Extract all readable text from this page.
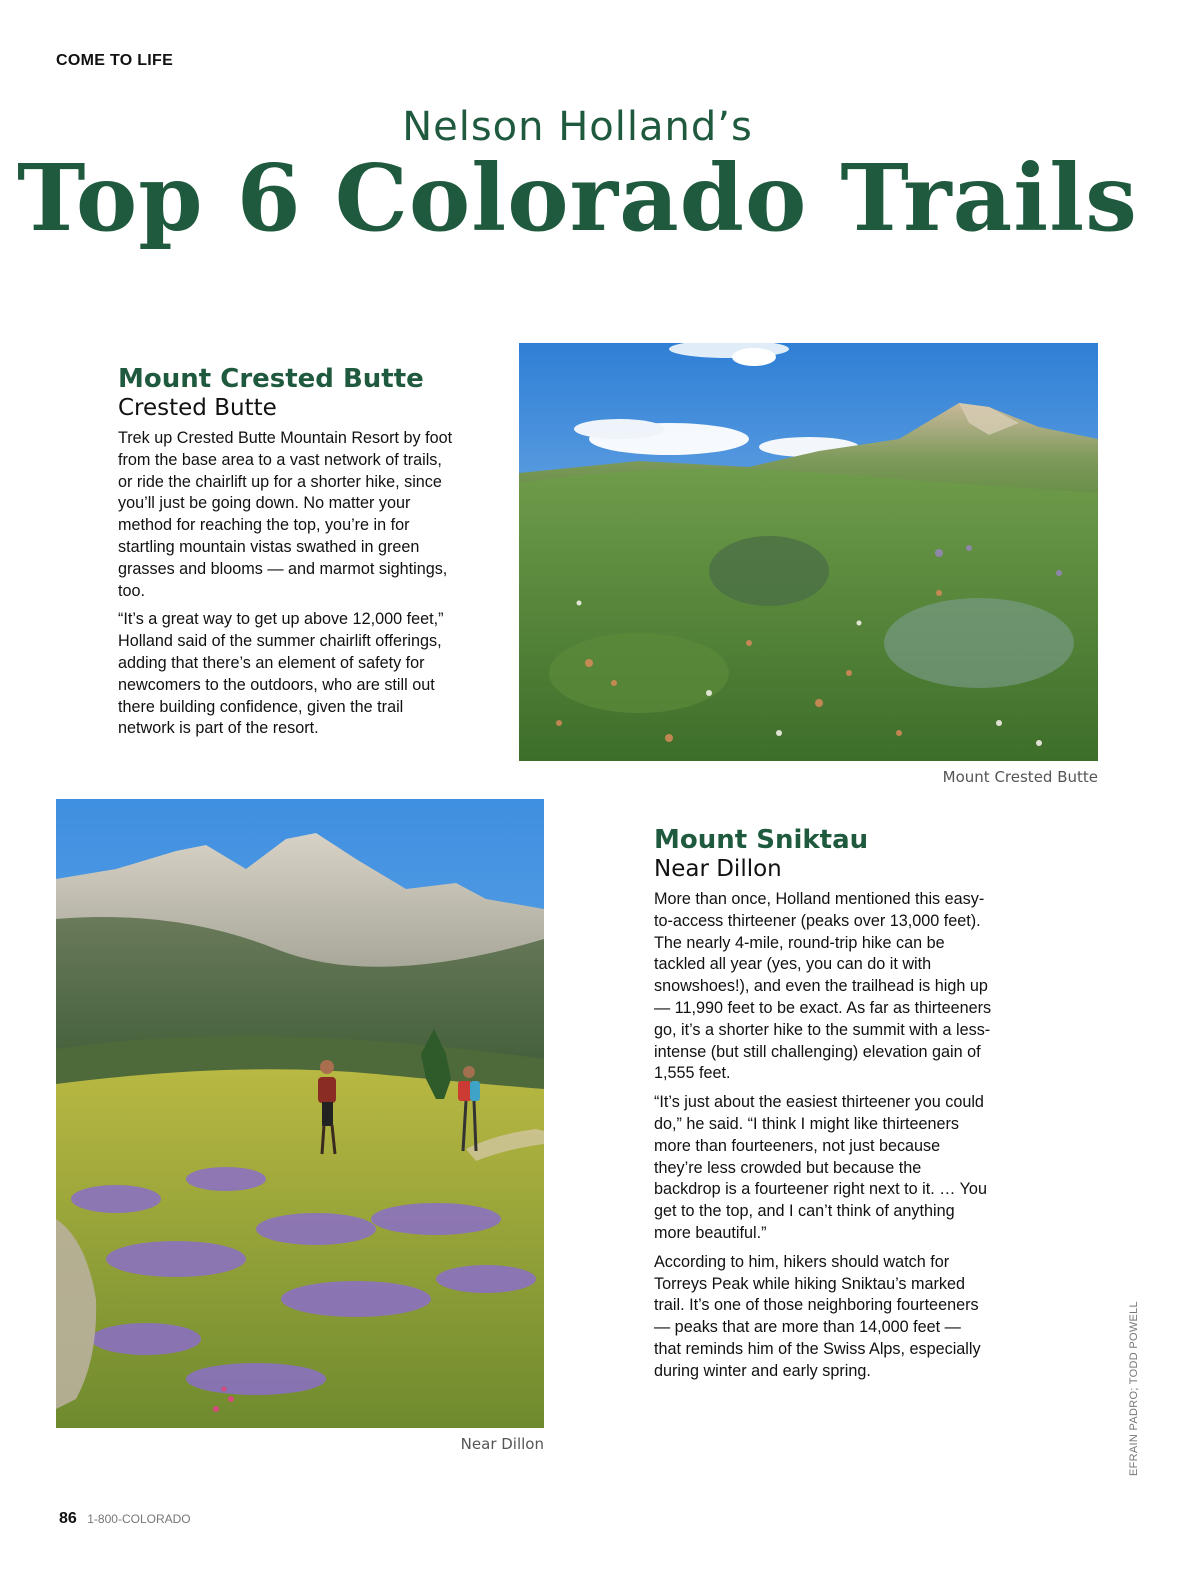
COME TO LIFE
Nelson Holland’s
Top 6 Colorado Trails
Mount Crested Butte
Crested Butte

Trek up Crested Butte Mountain Resort by foot from the base area to a vast network of trails, or ride the chairlift up for a shorter hike, since you’ll just be going down. No matter your method for reaching the top, you’re in for startling mountain vistas swathed in green grasses and blooms — and marmot sightings, too.

“It’s a great way to get up above 12,000 feet,” Holland said of the summer chairlift offerings, adding that there’s an element of safety for newcomers to the outdoors, who are still out there building confidence, given the trail network is part of the resort.

Mount Crested Butte
Near Dillon
Mount Sniktau
Near Dillon

More than once, Holland mentioned this easy-to-access thirteener (peaks over 13,000 feet). The nearly 4-mile, round-trip hike can be tackled all year (yes, you can do it with snowshoes!), and even the trailhead is high up — 11,990 feet to be exact. As far as thirteeners go, it’s a shorter hike to the summit with a less-intense (but still challenging) elevation gain of 1,555 feet.

“It’s just about the easiest thirteener you could do,” he said. “I think I might like thirteeners more than fourteeners, not just because they’re less crowded but because the backdrop is a fourteener right next to it. … You get to the top, and I can’t think of anything more beautiful.”

According to him, hikers should watch for Torreys Peak while hiking Sniktau’s marked trail. It’s one of those neighboring fourteeners — peaks that are more than 14,000 feet — that reminds him of the Swiss Alps, especially during winter and early spring.	EFRAIN PADRO; TODD POWELL
86 1-800-COLORADO
